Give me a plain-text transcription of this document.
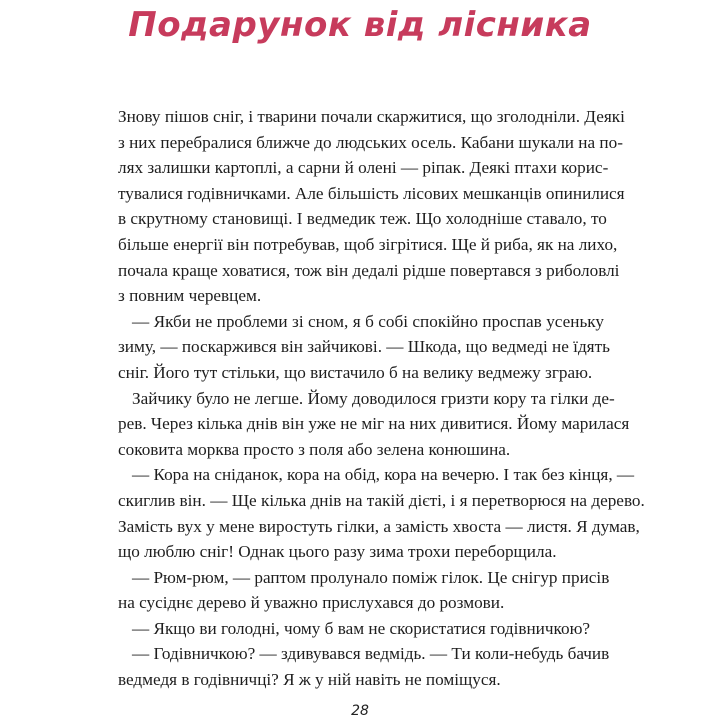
Подарунок від лісника

Знову пішов сніг, і тварини почали скаржитися, що зголодніли. Деякі

з них перебралися ближче до людських осель. Кабани шукали на по-

лях залишки картоплі, а сарни й олені — ріпак. Деякі птахи корис-

тувалися годівничками. Але більшість лісових мешканців опинилися

в скрутному становищі. І ведмедик теж. Що холодніше ставало, то

більше енергії він потребував, щоб зігрітися. Ще й риба, як на лихо,

почала краще ховатися, тож він дедалі рідше повертався з риболовлі

з повним черевцем.

— Якби не проблеми зі сном, я б собі спокійно проспав усеньку

зиму, — поскаржився він зайчикові. — Шкода, що ведмеді не їдять

сніг. Його тут стільки, що вистачило б на велику ведмежу зграю.

Зайчику було не легше. Йому доводилося гризти кору та гілки де-

рев. Через кілька днів він уже не міг на них дивитися. Йому марилася

соковита морква просто з поля або зелена конюшина.

— Кора на сніданок, кора на обід, кора на вечерю. І так без кінця, —

скиглив він. — Ще кілька днів на такій дієті, і я перетворюся на дерево.

Замість вух у мене виростуть гілки, а замість хвоста — листя. Я думав,

що люблю сніг! Однак цього разу зима трохи переборщила.

— Рюм-рюм, — раптом пролунало поміж гілок. Це снігур присів

на сусіднє дерево й уважно прислухався до розмови.

— Якщо ви голодні, чому б вам не скористатися годівничкою?

— Годівничкою? — здивувався ведмідь. — Ти коли-небудь бачив

ведмедя в годівничці? Я ж у ній навіть не поміщуся.

28
